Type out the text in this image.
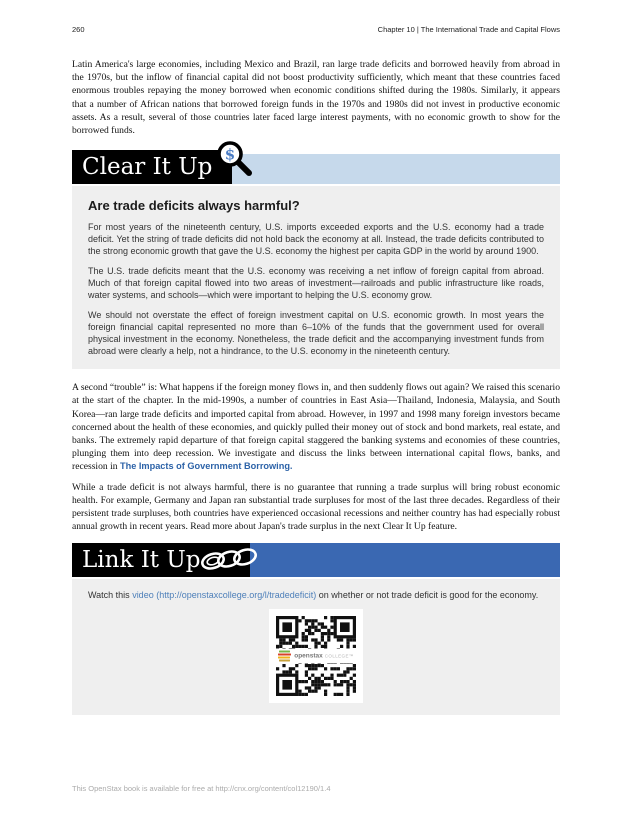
260	Chapter 10 | The International Trade and Capital Flows

Latin America's large economies, including Mexico and Brazil, ran large trade deficits and borrowed heavily from abroad in the 1970s, but the inflow of financial capital did not boost productivity sufficiently, which meant that these countries faced enormous troubles repaying the money borrowed when economic conditions shifted during the 1980s. Similarly, it appears that a number of African nations that borrowed foreign funds in the 1970s and 1980s did not invest in productive economic assets. As a result, several of those countries later faced large interest payments, with no economic growth to show for the borrowed funds.

Clear It Up $
Are trade deficits always harmful?

For most years of the nineteenth century, U.S. imports exceeded exports and the U.S. economy had a trade deficit. Yet the string of trade deficits did not hold back the economy at all. Instead, the trade deficits contributed to the strong economic growth that gave the U.S. economy the highest per capita GDP in the world by around 1900.

The U.S. trade deficits meant that the U.S. economy was receiving a net inflow of foreign capital from abroad. Much of that foreign capital flowed into two areas of investment—railroads and public infrastructure like roads, water systems, and schools—which were important to helping the U.S. economy grow.

We should not overstate the effect of foreign investment capital on U.S. economic growth. In most years the foreign financial capital represented no more than 6–10% of the funds that the government used for overall physical investment in the economy. Nonetheless, the trade deficit and the accompanying investment funds from abroad were clearly a help, not a hindrance, to the U.S. economy in the nineteenth century.

A second “trouble” is: What happens if the foreign money flows in, and then suddenly flows out again? We raised this scenario at the start of the chapter. In the mid-1990s, a number of countries in East Asia—Thailand, Indonesia, Malaysia, and South Korea—ran large trade deficits and imported capital from abroad. However, in 1997 and 1998 many foreign investors became concerned about the health of these economies, and quickly pulled their money out of stock and bond markets, real estate, and banks. The extremely rapid departure of that foreign capital staggered the banking systems and economies of these countries, plunging them into deep recession. We investigate and discuss the links between international capital flows, banks, and recession in The Impacts of Government Borrowing.

While a trade deficit is not always harmful, there is no guarantee that running a trade surplus will bring robust economic health. For example, Germany and Japan ran substantial trade surpluses for most of the last three decades. Regardless of their persistent trade surpluses, both countries have experienced occasional recessions and neither country has had especially robust annual growth in recent years. Read more about Japan's trade surplus in the next Clear It Up feature.

Link It Up

Watch this video (http://openstaxcollege.org/l/tradedeficit) on whether or not trade deficit is good for the economy.

openstax COLLEGE™
This OpenStax book is available for free at http://cnx.org/content/col12190/1.4
